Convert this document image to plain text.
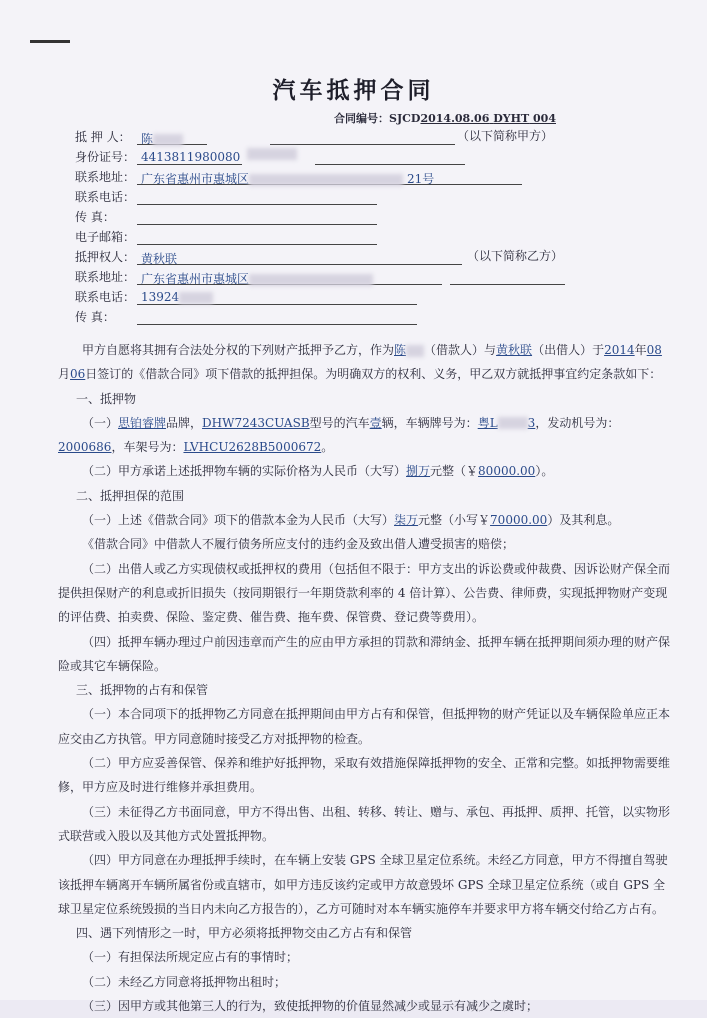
汽车抵押合同
合同编号：SJCD2014.08.06 DYHT 004
抵 押 人： 陈	（以下简称甲方）
身份证号： 4413811980080
联系地址： 广东省惠州市惠城区	21号
联系电话：
传 真：
电子邮箱：
抵押权人： 黄秋联	（以下简称乙方）
联系地址： 广东省惠州市惠城区
联系电话： 13924
传 真：

甲方自愿将其拥有合法处分权的下列财产抵押予乙方，作为陈 （借款人）与黄秋联（出借人）于2014年08月06日签订的《借款合同》项下借款的抵押担保。为明确双方的权利、义务，甲乙双方就抵押事宜约定条款如下：

一、抵押物

（一）思铂睿牌品牌，DHW7243CUASB型号的汽车壹辆，车辆牌号为：粤L	3，发动机号为：2000686，车架号为：LVHCU2628B5000672。

（二）甲方承诺上述抵押物车辆的实际价格为人民币（大写）捌万元整（￥80000.00）。

二、抵押担保的范围

（一）上述《借款合同》项下的借款本金为人民币（大写）柒万元整（小写￥70000.00）及其利息。

《借款合同》中借款人不履行债务所应支付的违约金及致出借人遭受损害的赔偿；

（二）出借人或乙方实现债权或抵押权的费用（包括但不限于：甲方支出的诉讼费或仲裁费、因诉讼财产保全而提供担保财产的利息或折旧损失（按同期银行一年期贷款利率的 4 倍计算）、公告费、律师费，实现抵押物财产变现的评估费、拍卖费、保险、鉴定费、催告费、拖车费、保管费、登记费等费用）。

（四）抵押车辆办理过户前因违章而产生的应由甲方承担的罚款和滞纳金、抵押车辆在抵押期间须办理的财产保险或其它车辆保险。

三、抵押物的占有和保管

（一）本合同项下的抵押物乙方同意在抵押期间由甲方占有和保管，但抵押物的财产凭证以及车辆保险单应正本应交由乙方执管。甲方同意随时接受乙方对抵押物的检查。

（二）甲方应妥善保管、保养和维护好抵押物，采取有效措施保障抵押物的安全、正常和完整。如抵押物需要维修，甲方应及时进行维修并承担费用。

（三）未征得乙方书面同意，甲方不得出售、出租、转移、转让、赠与、承包、再抵押、质押、托管，以实物形式联营或入股以及其他方式处置抵押物。

（四）甲方同意在办理抵押手续时，在车辆上安装 GPS 全球卫星定位系统。未经乙方同意，甲方不得擅自驾驶该抵押车辆离开车辆所属省份或直辖市，如甲方违反该约定或甲方故意毁坏 GPS 全球卫星定位系统（或自 GPS 全球卫星定位系统毁损的当日内未向乙方报告的），乙方可随时对本车辆实施停车并要求甲方将车辆交付给乙方占有。

四、遇下列情形之一时，甲方必须将抵押物交由乙方占有和保管

（一）有担保法所规定应占有的事情时；

（二）未经乙方同意将抵押物出租时；

（三）因甲方或其他第三人的行为，致使抵押物的价值显然减少或显示有减少之虞时；
